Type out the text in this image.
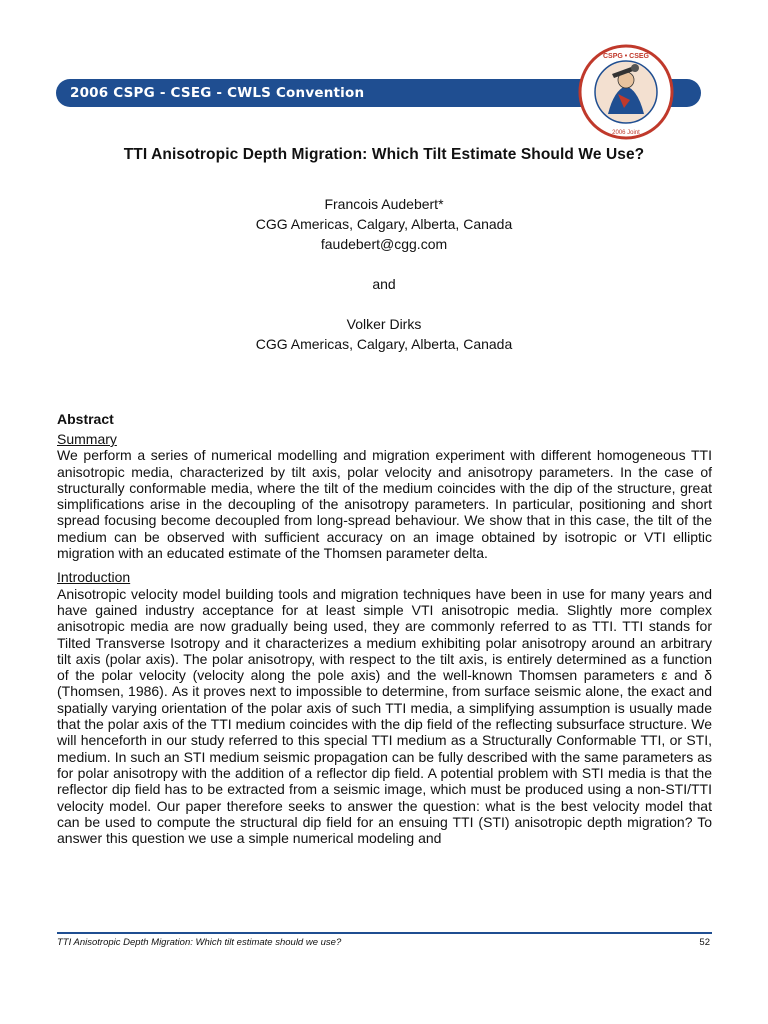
2006 CSPG - CSEG - CWLS Convention
CSPG • CSEG
2006 Joint
TTI Anisotropic Depth Migration: Which Tilt Estimate Should We Use?
Francois Audebert*
CGG Americas, Calgary, Alberta, Canada
faudebert@cgg.com
and
Volker Dirks
CGG Americas, Calgary, Alberta, Canada
Abstract

Summary

We perform a series of numerical modelling and migration experiment with different homogeneous TTI anisotropic media, characterized by tilt axis, polar velocity and anisotropy parameters. In the case of structurally conformable media, where the tilt of the medium coincides with the dip of the structure, great simplifications arise in the decoupling of the anisotropy parameters. In particular, positioning and short spread focusing become decoupled from long-spread behaviour. We show that in this case, the tilt of the medium can be observed with sufficient accuracy on an image obtained by isotropic or VTI elliptic migration with an educated estimate of the Thomsen parameter delta.

Introduction

Anisotropic velocity model building tools and migration techniques have been in use for many years and have gained industry acceptance for at least simple VTI anisotropic media. Slightly more complex anisotropic media are now gradually being used, they are commonly referred to as TTI. TTI stands for Tilted Transverse Isotropy and it characterizes a medium exhibiting polar anisotropy around an arbitrary tilt axis (polar axis). The polar anisotropy, with respect to the tilt axis, is entirely determined as a function of the polar velocity (velocity along the pole axis) and the well-known Thomsen parameters ε and δ (Thomsen, 1986). As it proves next to impossible to determine, from surface seismic alone, the exact and spatially varying orientation of the polar axis of such TTI media, a simplifying assumption is usually made that the polar axis of the TTI medium coincides with the dip field of the reflecting subsurface structure. We will henceforth in our study referred to this special TTI medium as a Structurally Conformable TTI, or STI, medium. In such an STI medium seismic propagation can be fully described with the same parameters as for polar anisotropy with the addition of a reflector dip field. A potential problem with STI media is that the reflector dip field has to be extracted from a seismic image, which must be produced using a non-STI/TTI velocity model. Our paper therefore seeks to answer the question: what is the best velocity model that can be used to compute the structural dip field for an ensuing TTI (STI) anisotropic depth migration? To answer this question we use a simple numerical modeling and

TTI Anisotropic Depth Migration: Which tilt estimate should we use?	52
